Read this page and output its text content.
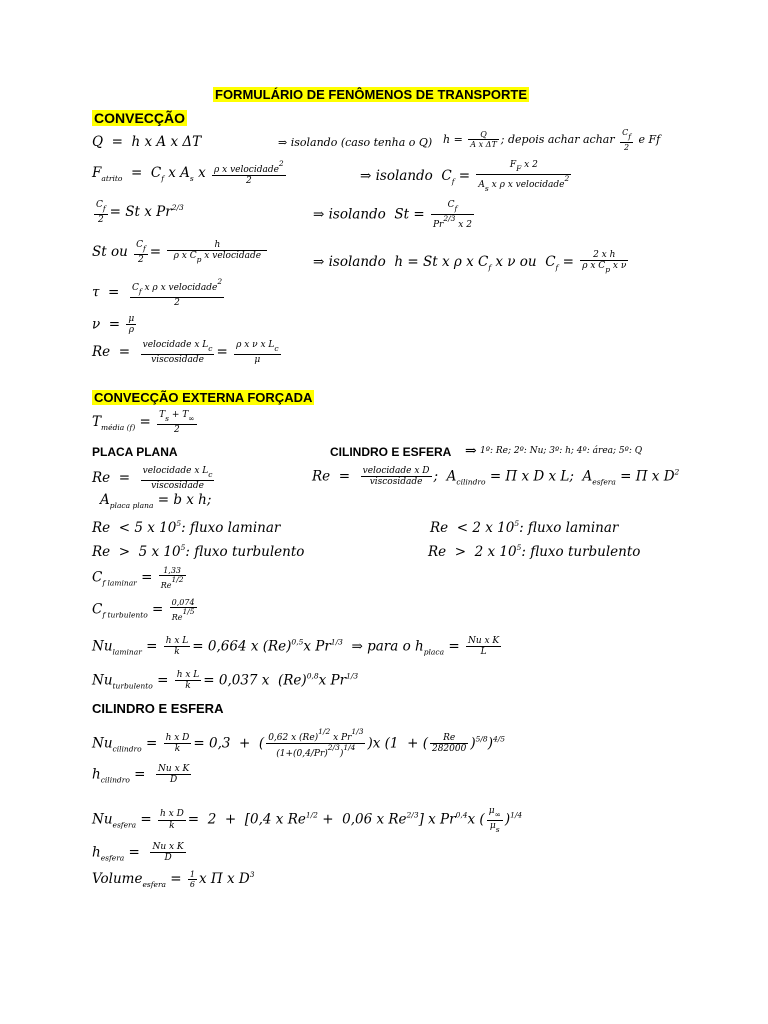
FORMULÁRIO DE FENÔMENOS DE TRANSPORTE
CONVECÇÃO
Q  =  h x A x ΔT	⇒ isolando (caso tenha o Q) $h = \frac{Q}{\text{A x ΔT}}$ ; depois achar achar $\frac{Cf}{2}$ e Ff
$F_{atrito} = C_f$ x $A_s$ x $\frac{\rho x velocidade^2}{2}$	⇒ isolando  $C_f = \frac{F_F x 2}{A_s x \rho x velocidade^2}$
$\frac{C_f}{2} = St$ x $Pr^{2/3}$	⇒ isolando  $St = \frac{C_f}{Pr^{2/3} x 2}$
St ou $\frac{C_f}{2} = \frac{h}{\rho x C_p x velocidade}$	⇒ isolando  h = St x ρ x $C_f$ x ν ou  $C_f = \frac{\text{2 x h}}{\rho x C_p x \nu}$
$\tau = \frac{C_f x \rho x velocidade^2}{2}$
$\nu = \frac{\mu}{\rho}$
$Re = \frac{velocidade x L_c}{\text{viscosidade}} = \frac{\rho x \nu x L_c}{\mu}$
CONVECÇÃO EXTERNA FORÇADA
$T_{média (f)} = \frac{T_s + T_\infty}{2}$
PLACA PLANA	CILINDRO E ESFERA ⇒ 1º: Re; 2º: Nu; 3º: h; 4º: área; 5º: Q
$Re = \frac{velocidade x L_c}{\text{viscosidade}}$	$Re = \frac{\text{velocidade x D}}{\text{viscosidade}}$ ;  $A_{cilindro} = \Pi$ x D x L;  $A_{esfera} = \Pi$ x $D^2$
$A_{placa plana} = b$ x h;
Re  < 5 x $10^5$: fluxo laminar	Re  < 2 x $10^5$: fluxo laminar
Re  >  5 x $10^5$: fluxo turbulento	Re  >  2 x $10^5$: fluxo turbulento
$C_{f laminar} = \frac{1,33}{Re1/2}$
$C_{f turbulento} = \frac{0,074}{Re1/5}$
$Nu_{laminar} = \frac{\text{h x L}}{k} = 0,664$ x $(Re)^{0,5}x$ $Pr^{1/3}$ ⇒ para o $h_{placa} = \frac{\text{Nu x K}}{L}$
$Nu_{turbulento} = \frac{\text{h x L}}{k} = 0,037$ x  $(Re)^{0,8}x$ $Pr^{1/3}$
CILINDRO E ESFERA
$Nu_{cilindro} = \frac{\text{h x D}}{k} = 0,3$  +  ( $\frac{0,62 x (Re)^{1/2} x Pr^{1/3}}{(1+(0,4/Pr)^{2/3})^{1/4}} )x$ (1  + ( $\frac{Re}{282000} )^{5/8})^{4/5}$
$h_{cilindro} = \frac{\text{Nu x K}}{D}$
$Nu_{esfera} = \frac{\text{h x D}}{k} = 2 + [0,4$ x $Re^{1/2} + 0,06$ x $Re^{2/3}$] x Pr$^{0,4}$x ( $\frac{\mu_\infty}{\mu_s} )^{1/4}$
$h_{esfera} = \frac{\text{Nu x K}}{D}$
Volume$_{esfera}$ = $\frac{1}{6}$ x Π x $D^3$
